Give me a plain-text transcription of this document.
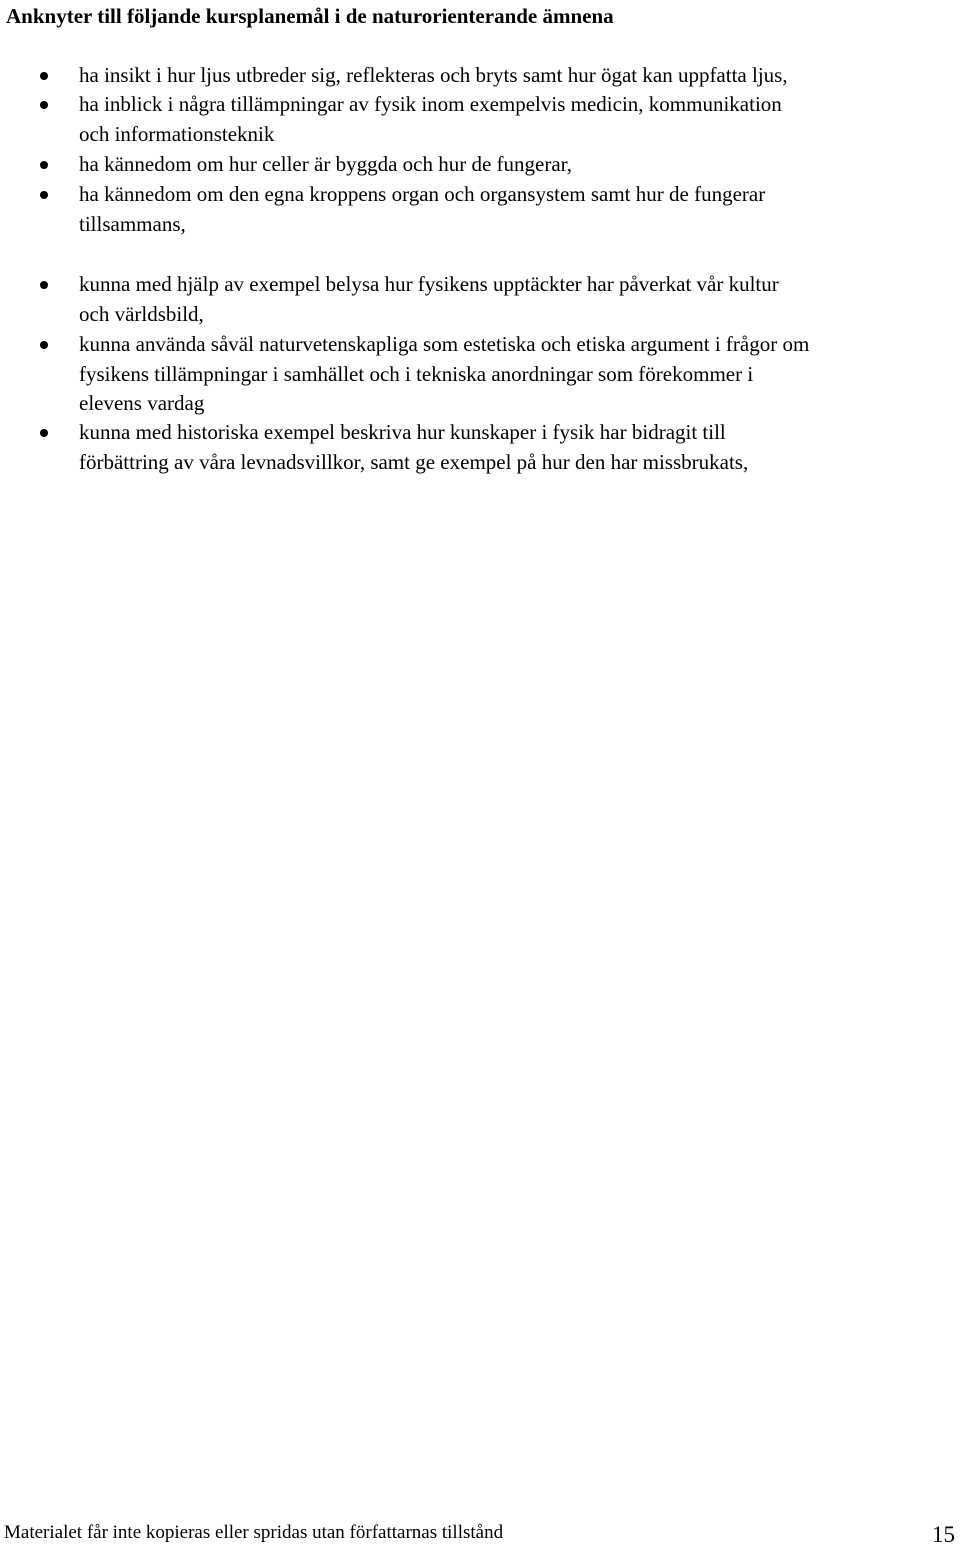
Anknyter till följande kursplanemål i de naturorienterande ämnena

ha insikt i hur ljus utbreder sig, reflekteras och bryts samt hur ögat kan uppfatta ljus,

ha inblick i några tillämpningar av fysik inom exempelvis medicin, kommunikation
och informationsteknik

ha kännedom om hur celler är byggda och hur de fungerar,

ha kännedom om den egna kroppens organ och organsystem samt hur de fungerar
tillsammans,

kunna med hjälp av exempel belysa hur fysikens upptäckter har påverkat vår kultur
och världsbild,

kunna använda såväl naturvetenskapliga som estetiska och etiska argument i frågor om
fysikens tillämpningar i samhället och i tekniska anordningar som förekommer i
elevens vardag

kunna med historiska exempel beskriva hur kunskaper i fysik har bidragit till
förbättring av våra levnadsvillkor, samt ge exempel på hur den har missbrukats,

Materialet får inte kopieras eller spridas utan författarnas tillstånd	15
